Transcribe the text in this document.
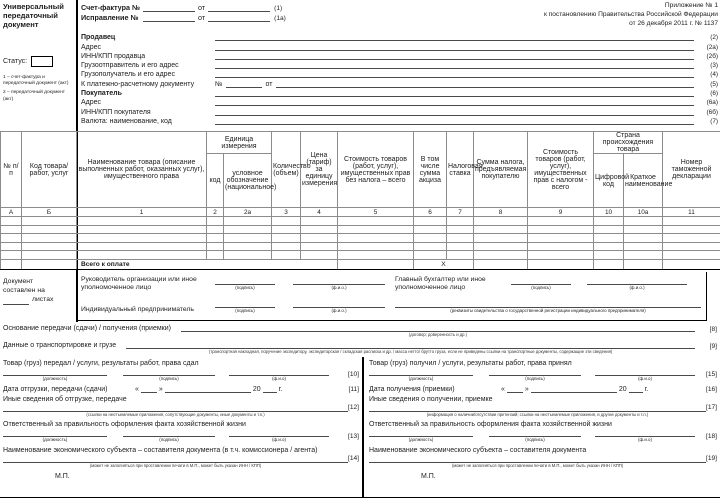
Универсальный передаточный документ
Статус:
1 – счет-фактура и передаточный документ (акт)
2 – передаточный документ (акт)
Приложение № 1
к постановлению Правительства Российской Федерации
от 26 декабря 2011 г. № 1137
Счет-фактура №	от	(1)
Исправление №	от	(1а)
Продавец	(2)
Адрес	(2а)
ИНН/КПП продавца	(2б)
Грузоотправитель и его адрес	(3)
Грузополучатель и его адрес	(4)
К платежно-расчетному документу	№	от	(5)
Покупатель	(6)
Адрес	(6а)
ИНН/КПП покупателя	(6б)
Валюта: наименование, код	(7)
№ п/п	Код товара/ работ, услуг	Наименование товара (описание выполненных работ, оказанных услуг), имущественного права	Единица измерения		Количество (объем)	Цена (тариф) за единицу измерения	Стоимость товаров (работ, услуг), имущественных прав без налога – всего	В том числе сумма акциза	Налоговая ставка	Сумма налога, предъявляемая покупателю	Стоимость товаров (работ, услуг), имущественных прав с налогом - всего	Страна происхождения товара		Номер таможенной декларации
			код	условное обозначение (национальное)								Цифровой код	Краткое наименование	
А	Б	1	2	2а	3	4	5	6	7	8	9	10	10а	11

		Всего к оплате						X						
Документ
составлен на
листах
Руководитель организации или иное уполномоченное лицо	(подпись)	(ф.и.о.)
Главный бухгалтер или иное уполномоченное лицо	(подпись)	(ф.и.о.)
Индивидуальный предприниматель	(подпись)	(ф.и.о.)	(реквизиты свидетельства о государственной регистрации индивидуального предпринимателя)
Основание передачи (сдачи) / получения (приемки)
(договор; доверенность и др.)
[8]
Данные о транспортировке и грузе
(транспортная накладная, поручение экспедитору, экспедиторская / складская расписка и др. / масса нетто/ брутто груза, если не приведены ссылки на транспортные документы, содержащие эти сведения)
[9]
Товар (груз) передал / услуги, результаты работ, права сдал
(должность)	(подпись)	(ф.и.о)
[10]
Дата отгрузки, передачи (сдачи)	«	»	20	г.	[11]
Иные сведения об отгрузке, передаче
(ссылки на неотъемлемые приложения, сопутствующие документы, иные документы и т.п.)
[12]
Ответственный за правильность оформления факта хозяйственной жизни
(должность)	(подпись)	(ф.и.о)
[13]
Наименование экономического субъекта – составителя документа (в т.ч. комиссионера / агента)
(может не заполняться при проставлении печати в М.П., может быть указан ИНН / КПП)
[14]
М.П.
Товар (груз) получил / услуги, результаты работ, права принял
(должность)	(подпись)	(ф.и.о)
[15]
Дата получения (приемки)	«	»	20	г.	[16]
Иные сведения о получении, приемке
(информация о наличии/отсутствии претензий; ссылки на неотъемлемые приложения, и другие документы и т.п.)
[17]
Ответственный за правильность оформления факта хозяйственной жизни
(должность)	(подпись)	(ф.и.о)
[18]
Наименование экономического субъекта – составителя документа
(может не заполняться при проставлении печати в М.П., может быть указан ИНН / КПП)
[19]
М.П.
